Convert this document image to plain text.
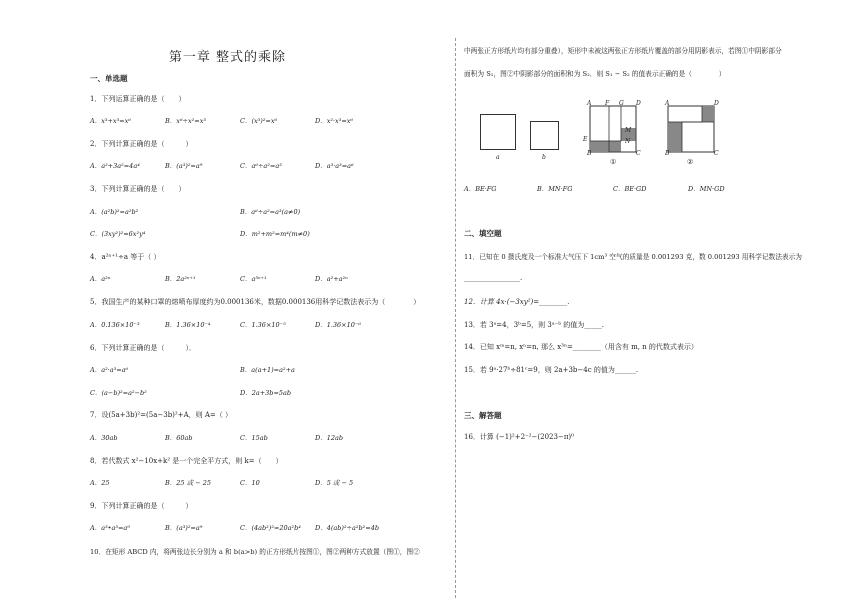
第一章 整式的乘除
一、单选题
1．下列运算正确的是（　　）
A．x³+x³=x⁶	B．x⁶÷x²=x³	C．(x³)²=x⁶	D．x²·x³=x⁶
2．下列计算正确的是（　　　）
A．a²+3a²=4a⁴	B．(a³)²=a⁹	C．a⁶÷a²=a³	D．a³·a³=a⁶
3．下列计算正确的是（　　）
A．(a²b)²=a²b²	B．a⁶÷a²=a³(a≠0)
C．(3xy²)²=6x²y⁴	D．m²+m²=m⁴(m≠0)
4．a²ⁿ⁺¹÷a 等于（ ）
A．a²ⁿ	B．2a²ⁿ⁺¹	C．a³ⁿ⁺¹	D．a²+a²ⁿ
5．我国生产的某种口罩的熔喷布厚度约为0.000136米，数据0.000136用科学记数法表示为（　　　　）
A．0.136×10⁻³	B．1.36×10⁻⁴	C．1.36×10⁻⁵	D．1.36×10⁻⁶
6．下列计算正确的是（　　　）．
A．a²·a³=a⁶	B．a(a+1)=a²+a
C．(a−b)²=a²−b²	D．2a+3b=5ab
7．设(5a+3b)²=(5a−3b)²+A，则 A=（ ）
A．30ab	B．60ab	C．15ab	D．12ab
8．若代数式 x²−10x+k² 是一个完全平方式，则 k=（　　）
A．25	B．25 或 − 25	C．10	D．5 或 − 5
9．下列计算正确的是（　　　）
A．a³•a³=a⁹	B．(a³)²=a⁹	C．(4ab²)²=20a²b⁴ D．4(ab)²÷a²b²=4b
10．在矩形 ABCD 内，将两张边长分别为 a 和 b(a>b) 的正方形纸片按图①，图②两种方式放置（图①，图②
中两张正方形纸片均有部分重叠），矩形中未被这两张正方形纸片覆盖的部分用阴影表示，若图①中阴影部分
面积为 S₁，图②中阴影部分的面积和为 S₂．则 S₁ − S₂ 的值表示正确的是（　　　　）
a	b
A F G D
E
M
N
B	C
①
A	D
B	C
②
A．BE·FG	B．MN·FG	C．BE·GD	D．MN·GD
二、填空题
11．已知在 0 摄氏度及一个标准大气压下 1cm³ 空气的质量是 0.001293 克，数 0.001293 用科学记数法表示为
________________.
12．计算 4x·(−3xy²)=________．
13．若 3ᵃ=4，3ᵇ=5，则 3ᵃ⁻ᵇ 的值为_____.
14．已知 xᵐ=n, xⁿ=n, 那么 x³ⁿ=________（用含有 m, n 的代数式表示）
15．若 9ᵃ·27ᵇ÷81ᶜ=9，则 2a+3b−4c 的值为______.
三、解答题
16．计算 (−1)²+2⁻²−(2023−π)⁰
